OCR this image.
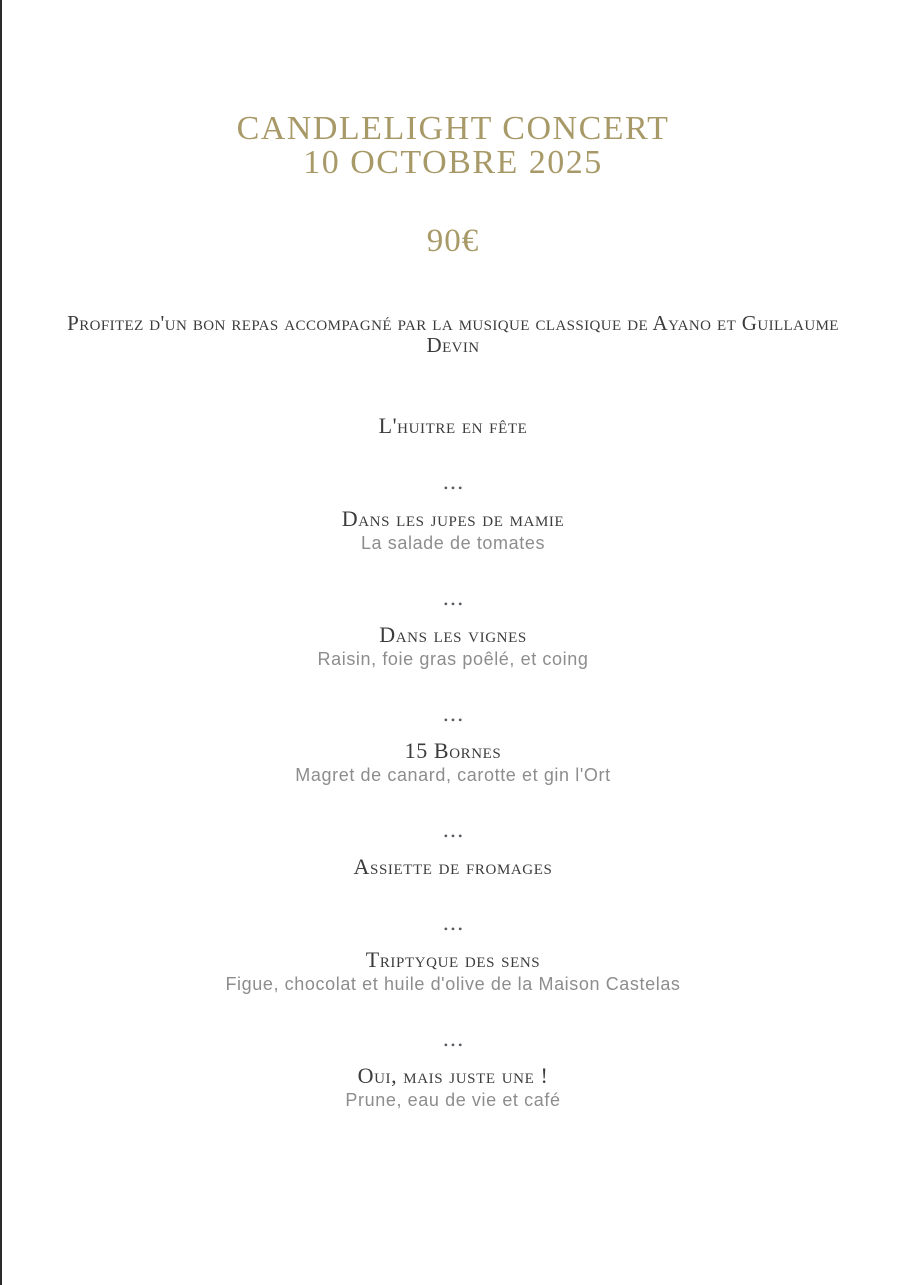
CANDLELIGHT CONCERT
10 OCTOBRE 2025
90€
Profitez d'un bon repas accompagné par la musique classique de Ayano et Guillaume Devin
L'huitre en fête
•••
Dans les jupes de mamie
La salade de tomates
•••
Dans les vignes
Raisin, foie gras poêlé, et coing
•••
15 Bornes
Magret de canard, carotte et gin l'Ort
•••
Assiette de fromages
•••
Triptyque des sens
Figue, chocolat et huile d'olive de la Maison Castelas
•••
Oui, mais juste une !
Prune, eau de vie et café
